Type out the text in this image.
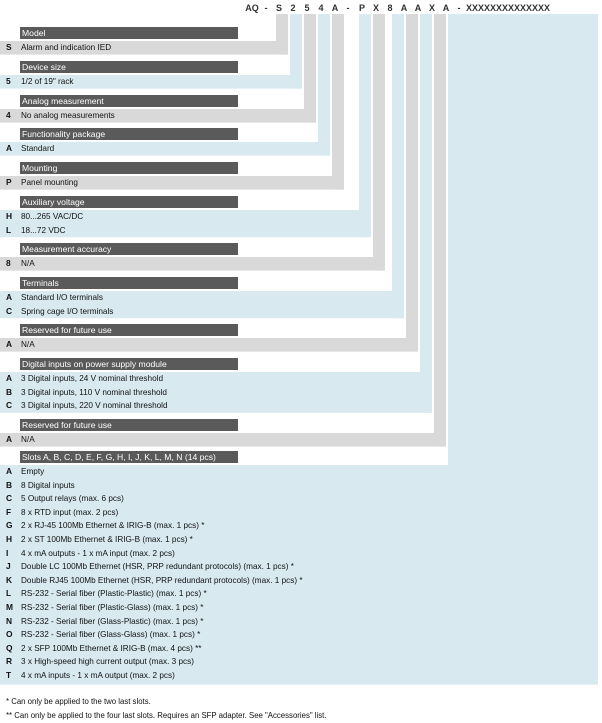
AQ - S 2 5 4 A -	P X 8 A A X A - XXXXXXXXXXXXXX
Model
S	Alarm and indication IED
Device size
5	1/2 of 19" rack
Analog measurement
4	No analog measurements
Functionality package
A	Standard
Mounting
P	Panel mounting
Auxiliary voltage
H	80...265 VAC/DC
L	18...72 VDC
Measurement accuracy
8	N/A
Terminals
A	Standard I/O terminals
C	Spring cage I/O terminals
Reserved for future use
A	N/A
Digital inputs on power supply module
A	3 Digital inputs, 24 V nominal threshold
B	3 Digital inputs, 110 V nominal threshold
C	3 Digital inputs, 220 V nominal threshold
Reserved for future use
A	N/A
Slots A, B, C, D, E, F, G, H, I, J, K, L, M, N (14 pcs)
A	Empty
B	8 Digital inputs
C	5 Output relays (max. 6 pcs)
F	8 x RTD input (max. 2 pcs)
G	2 x RJ-45 100Mb Ethernet & IRIG-B (max. 1 pcs) *
H	2 x ST 100Mb Ethernet & IRIG-B (max. 1 pcs) *
I	4 x mA outputs - 1 x mA input (max. 2 pcs)
J	Double LC 100Mb Ethernet (HSR, PRP redundant protocols) (max. 1 pcs) *
K	Double RJ45 100Mb Ethernet (HSR, PRP redundant protocols) (max. 1 pcs) *
L	RS-232 - Serial fiber (Plastic-Plastic) (max. 1 pcs) *
M RS-232 - Serial fiber (Plastic-Glass) (max. 1 pcs) *
N	RS-232 - Serial fiber (Glass-Plastic) (max. 1 pcs) *
O	RS-232 - Serial fiber (Glass-Glass) (max. 1 pcs) *
Q	2 x SFP 100Mb Ethernet & IRIG-B (max. 4 pcs) **
R	3 x High-speed high current output (max. 3 pcs)
T	4 x mA inputs - 1 x mA output (max. 2 pcs)
* Can only be applied to the two last slots.
** Can only be applied to the four last slots. Requires an SFP adapter. See "Accessories" list.
